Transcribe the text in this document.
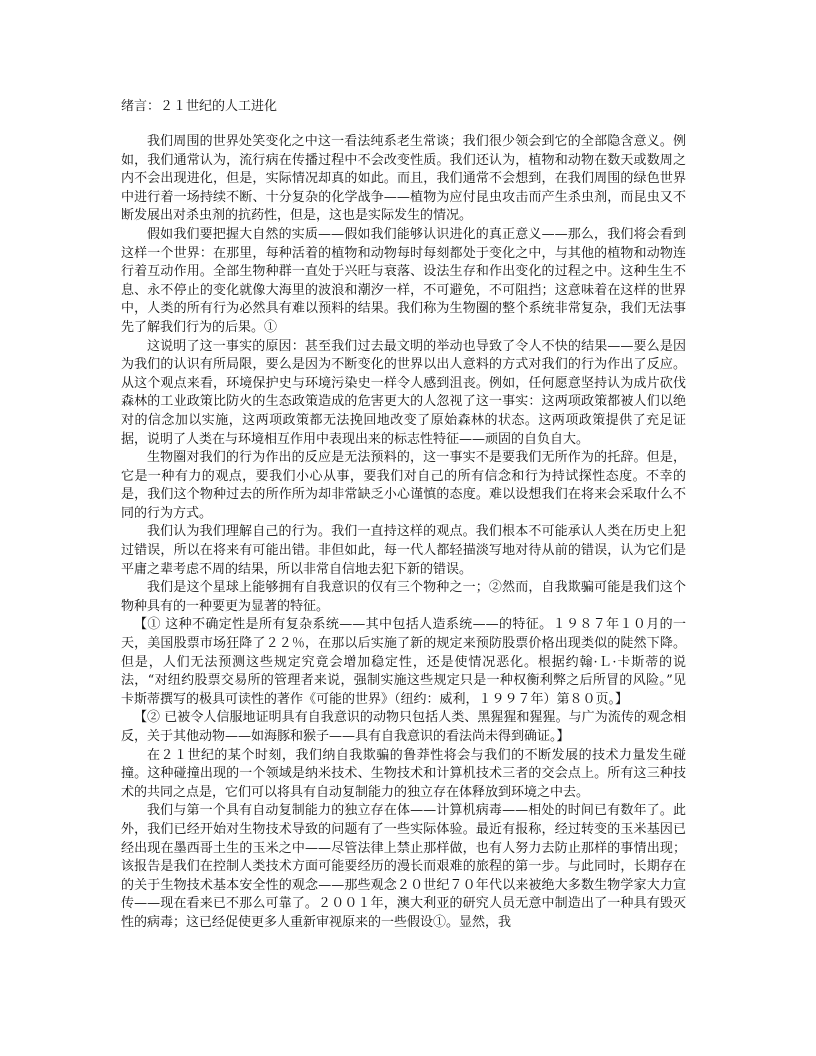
绪言：２１世纪的人工进化

我们周围的世界处笑变化之中这一看法纯系老生常谈；我们很少领会到它的全部隐含意义。例如，我们通常认为，流行病在传播过程中不会改变性质。我们还认为，植物和动物在数天或数周之内不会出现进化，但是，实际情况却真的如此。而且，我们通常不会想到，在我们周围的绿色世界中进行着一场持续不断、十分复杂的化学战争——植物为应付昆虫攻击而产生杀虫剂，而昆虫又不断发展出对杀虫剂的抗药性，但是，这也是实际发生的情况。

假如我们要把握大自然的实质——假如我们能够认识进化的真正意义——那么，我们将会看到这样一个世界：在那里，每种活着的植物和动物每时每刻都处于变化之中，与其他的植物和动物连行着互动作用。全部生物种群一直处于兴旺与衰落、设法生存和作出变化的过程之中。这种生生不息、永不停止的变化就像大海里的波浪和潮汐一样，不可避免，不可阻挡；这意味着在这样的世界中，人类的所有行为必然具有难以预料的结果。我们称为生物圈的整个系统非常复杂，我们无法事先了解我们行为的后果。①

这说明了这一事实的原因：甚至我们过去最文明的举动也导致了令人不快的结果——要么是因为我们的认识有所局限，要么是因为不断变化的世界以出人意料的方式对我们的行为作出了反应。从这个观点来看，环境保护史与环境污染史一样令人感到沮丧。例如，任何愿意坚持认为成片砍伐森林的工业政策比防火的生态政策造成的危害更大的人忽视了这一事实：这两项政策都被人们以绝对的信念加以实施，这两项政策都无法挽回地改变了原始森林的状态。这两项政策提供了充足证据，说明了人类在与环境相互作用中表现出来的标志性特征——顽固的自负自大。

生物圈对我们的行为作出的反应是无法预料的，这一事实不是要我们无所作为的托辞。但是，它是一种有力的观点，要我们小心从事，要我们对自己的所有信念和行为持试探性态度。不幸的是，我们这个物种过去的所作所为却非常缺乏小心谨慎的态度。难以设想我们在将来会采取什么不同的行为方式。

我们认为我们理解自己的行为。我们一直持这样的观点。我们根本不可能承认人类在历史上犯过错误，所以在将来有可能出错。非但如此，每一代人都轻描淡写地对待从前的错误，认为它们是平庸之辈考虑不周的结果，所以非常自信地去犯下新的错误。

我们是这个星球上能够拥有自我意识的仅有三个物种之一；②然而，自我欺骗可能是我们这个物种具有的一种要更为显著的特征。

【① 这种不确定性是所有复杂系统——其中包括人造系统——的特征。１９８７年１０月的一天，美国股票市场狂降了２２％，在那以后实施了新的规定来预防股票价格出现类似的陡然下降。但是，人们无法预测这些规定究竟会增加稳定性，还是使情况恶化。根据约翰·Ｌ·卡斯蒂的说法，“对纽约股票交易所的管理者来说，强制实施这些规定只是一种权衡利弊之后所冒的风险。”见卡斯蒂撰写的极具可读性的著作《可能的世界》（纽约：威利，１９９７年）第８０页。】

【② 已被令人信服地证明具有自我意识的动物只包括人类、黑猩猩和猩猩。与广为流传的观念相反，关于其他动物——如海豚和猴子——具有自我意识的看法尚未得到确证。】

在２１世纪的某个时刻，我们纳自我欺骗的鲁莽性将会与我们的不断发展的技术力量发生碰撞。这种碰撞出现的一个领域是纳米技术、生物技术和计算机技术三者的交会点上。所有这三种技术的共同之点是，它们可以将具有自动复制能力的独立存在体释放到环境之中去。

我们与第一个具有自动复制能力的独立存在体——计算机病毒——相处的时间已有数年了。此外，我们已经开始对生物技术导致的问题有了一些实际体验。最近有报称，经过转变的玉米基因已经出现在墨西哥土生的玉米之中——尽管法律上禁止那样做，也有人努力去防止那样的事情出现；该报告是我们在控制人类技术方面可能要经历的漫长而艰难的旅程的第一步。与此同时，长期存在的关于生物技术基本安全性的观念——那些观念２０世纪７０年代以来被绝大多数生物学家大力宣传——现在看来已不那么可靠了。２００１年，澳大利亚的研究人员无意中制造出了一种具有毁灭性的病毒；这已经促使更多人重新审视原来的一些假设①。显然，我
